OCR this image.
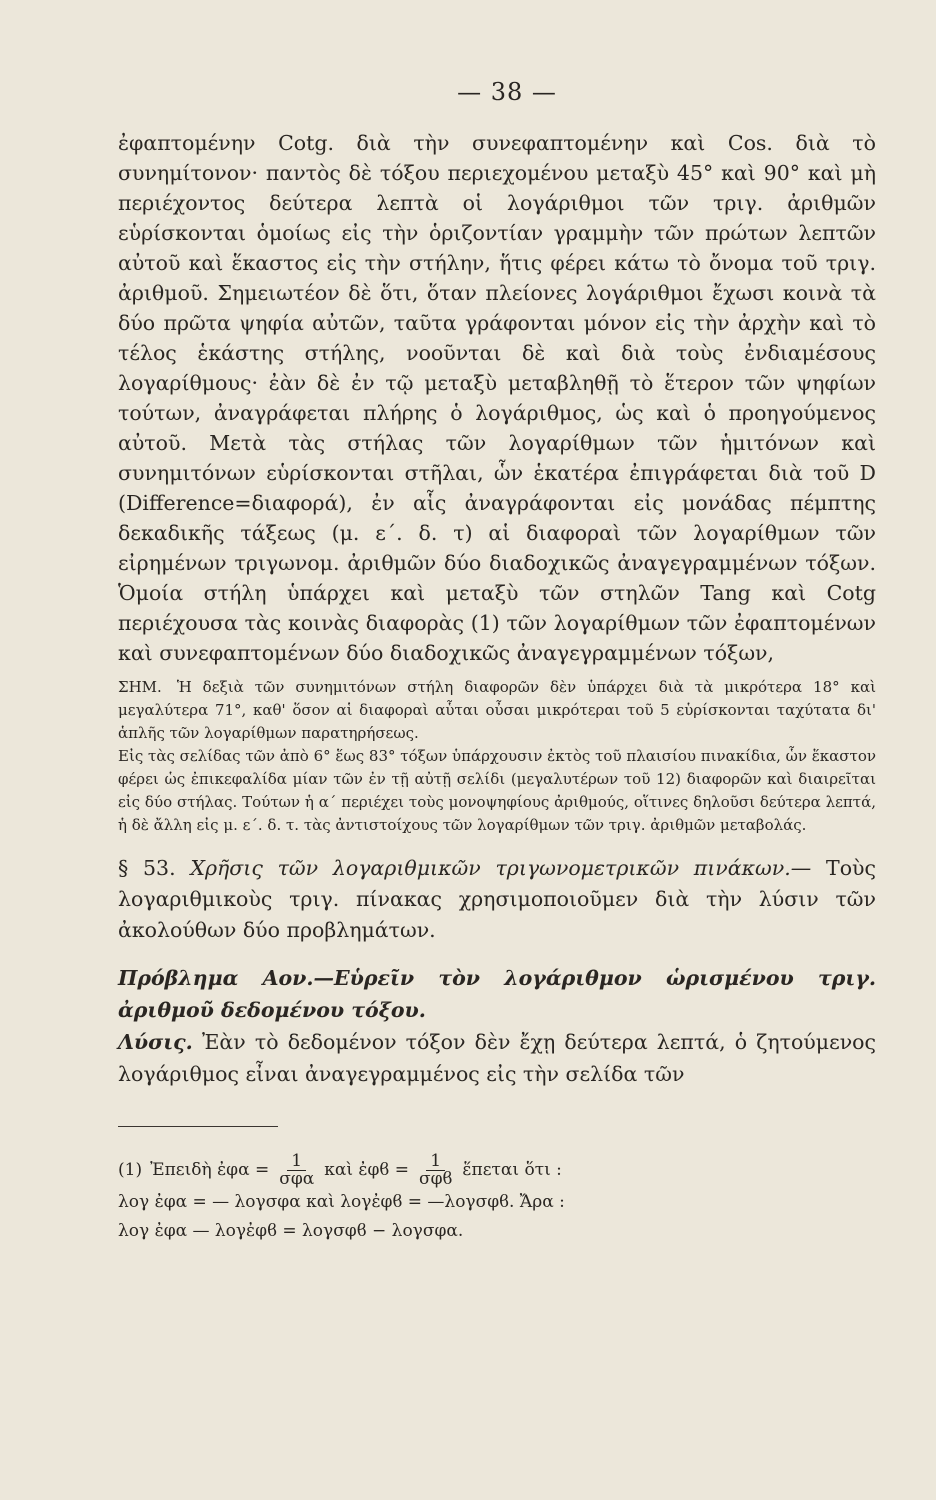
— 38 —

ἐφαπτομένην Cotg. διὰ τὴν συνεφαπτομένην καὶ Cos. διὰ τὸ συνημίτονον· παντὸς δὲ τόξου περιεχομένου μεταξὺ 45° καὶ 90° καὶ μὴ περιέχοντος δεύτερα λεπτὰ οἱ λογάριθμοι τῶν τριγ. ἀριθμῶν εὑρίσκονται ὁμοίως εἰς τὴν ὁριζοντίαν γραμμὴν τῶν πρώτων λεπτῶν αὐτοῦ καὶ ἕκαστος εἰς τὴν στήλην, ἥτις φέρει κάτω τὸ ὄνομα τοῦ τριγ. ἀριθμοῦ. Σημειωτέον δὲ ὅτι, ὅταν πλείονες λογάριθμοι ἔχωσι κοινὰ τὰ δύο πρῶτα ψηφία αὐτῶν, ταῦτα γράφονται μόνον εἰς τὴν ἀρχὴν καὶ τὸ τέλος ἑκάστης στήλης, νοοῦνται δὲ καὶ διὰ τοὺς ἐνδιαμέσους λογαρίθμους· ἐὰν δὲ ἐν τῷ μεταξὺ μεταβληθῇ τὸ ἕτερον τῶν ψηφίων τούτων, ἀναγράφεται πλήρης ὁ λογάριθμος, ὡς καὶ ὁ προηγούμενος αὐτοῦ. Μετὰ τὰς στήλας τῶν λογαρίθμων τῶν ἡμιτόνων καὶ συνημιτόνων εὑρίσκονται στῆλαι, ὧν ἑκατέρα ἐπιγράφεται διὰ τοῦ D (Difference=διαφορά), ἐν αἷς ἀναγράφονται εἰς μονάδας πέμπτης δεκαδικῆς τάξεως (μ. ε΄. δ. τ) αἱ διαφοραὶ τῶν λογαρίθμων τῶν εἰρημένων τριγωνομ. ἀριθμῶν δύο διαδοχικῶς ἀναγεγραμμένων τόξων. Ὁμοία στήλη ὑπάρχει καὶ μεταξὺ τῶν στηλῶν Tang καὶ Cotg περιέχουσα τὰς κοινὰς διαφορὰς (1) τῶν λογαρίθμων τῶν ἐφαπτομένων καὶ συνεφαπτομένων δύο διαδοχικῶς ἀναγεγραμμένων τόξων,

ΣΗΜ. Ἡ δεξιὰ τῶν συνημιτόνων στήλη διαφορῶν δὲν ὑπάρχει διὰ τὰ μικρότερα 18° καὶ μεγαλύτερα 71°, καθ' ὅσον αἱ διαφοραὶ αὗται οὖσαι μικρότεραι τοῦ 5 εὑρίσκονται ταχύτατα δι' ἁπλῆς τῶν λογαρίθμων παρατηρήσεως.

Εἰς τὰς σελίδας τῶν ἀπὸ 6° ἕως 83° τόξων ὑπάρχουσιν ἐκτὸς τοῦ πλαισίου πινακίδια, ὧν ἕκαστον φέρει ὡς ἐπικεφαλίδα μίαν τῶν ἐν τῇ αὐτῇ σελίδι (μεγαλυτέρων τοῦ 12) διαφορῶν καὶ διαιρεῖται εἰς δύο στήλας. Τούτων ἡ α΄ περιέχει τοὺς μονοψηφίους ἀριθμούς, οἵτινες δηλοῦσι δεύτερα λεπτά, ἡ δὲ ἄλλη εἰς μ. ε΄. δ. τ. τὰς ἀντιστοίχους τῶν λογαρίθμων τῶν τριγ. ἀριθμῶν μεταβολάς.

§ 53. Χρῆσις τῶν λογαριθμικῶν τριγωνομετρικῶν πινάκων.— Τοὺς λογαριθμικοὺς τριγ. πίνακας χρησιμοποιοῦμεν διὰ τὴν λύσιν τῶν ἀκολούθων δύο προβλημάτων.

Πρόβλημα Αον.—Εὑρεῖν τὸν λογάριθμον ὡρισμένου τριγ. ἀριθμοῦ δεδομένου τόξου.

Λύσις. Ἐὰν τὸ δεδομένον τόξον δὲν ἔχῃ δεύτερα λεπτά, ὁ ζητούμενος λογάριθμος εἶναι ἀναγεγραμμένος εἰς τὴν σελίδα τῶν

(1) Ἐπειδὴ ἐφα = $\frac{1}{\text{σφα}}$ καὶ ἐφϐ = $\frac{1}{\text{σφϐ}}$ ἕπεται ὅτι :
λογ ἐφα = — λογσφα καὶ λογἐφϐ = —λογσφϐ. Ἄρα :
λογ ἐφα — λογἐφϐ = λογσφϐ − λογσφα.
